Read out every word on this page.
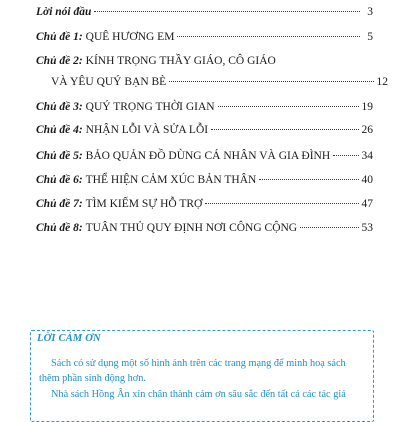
Lời nói đầu	3
Chủ đề 1: QUÊ HƯƠNG EM	5
Chủ đề 2: KÍNH TRỌNG THẦY GIÁO, CÔ GIÁO
VÀ YÊU QUÝ BẠN BÈ	12
Chủ đề 3: QUÝ TRỌNG THỜI GIAN	19
Chủ đề 4: NHẬN LỖI VÀ SỬA LỖI	26
Chủ đề 5: BẢO QUẢN ĐỒ DÙNG CÁ NHÂN VÀ GIA ĐÌNH	34
Chủ đề 6: THỂ HIỆN CẢM XÚC BẢN THÂN	40
Chủ đề 7: TÌM KIẾM SỰ HỖ TRỢ	47
Chủ đề 8: TUÂN THỦ QUY ĐỊNH NƠI CÔNG CỘNG	53
LỜI CẢM ƠN
Sách có sử dụng một số hình ảnh trên các trang mạng để minh hoạ sách
thêm phần sinh động hơn.
Nhà sách Hồng Ân xin chân thành cảm ơn sâu sắc đến tất cả các tác giả
